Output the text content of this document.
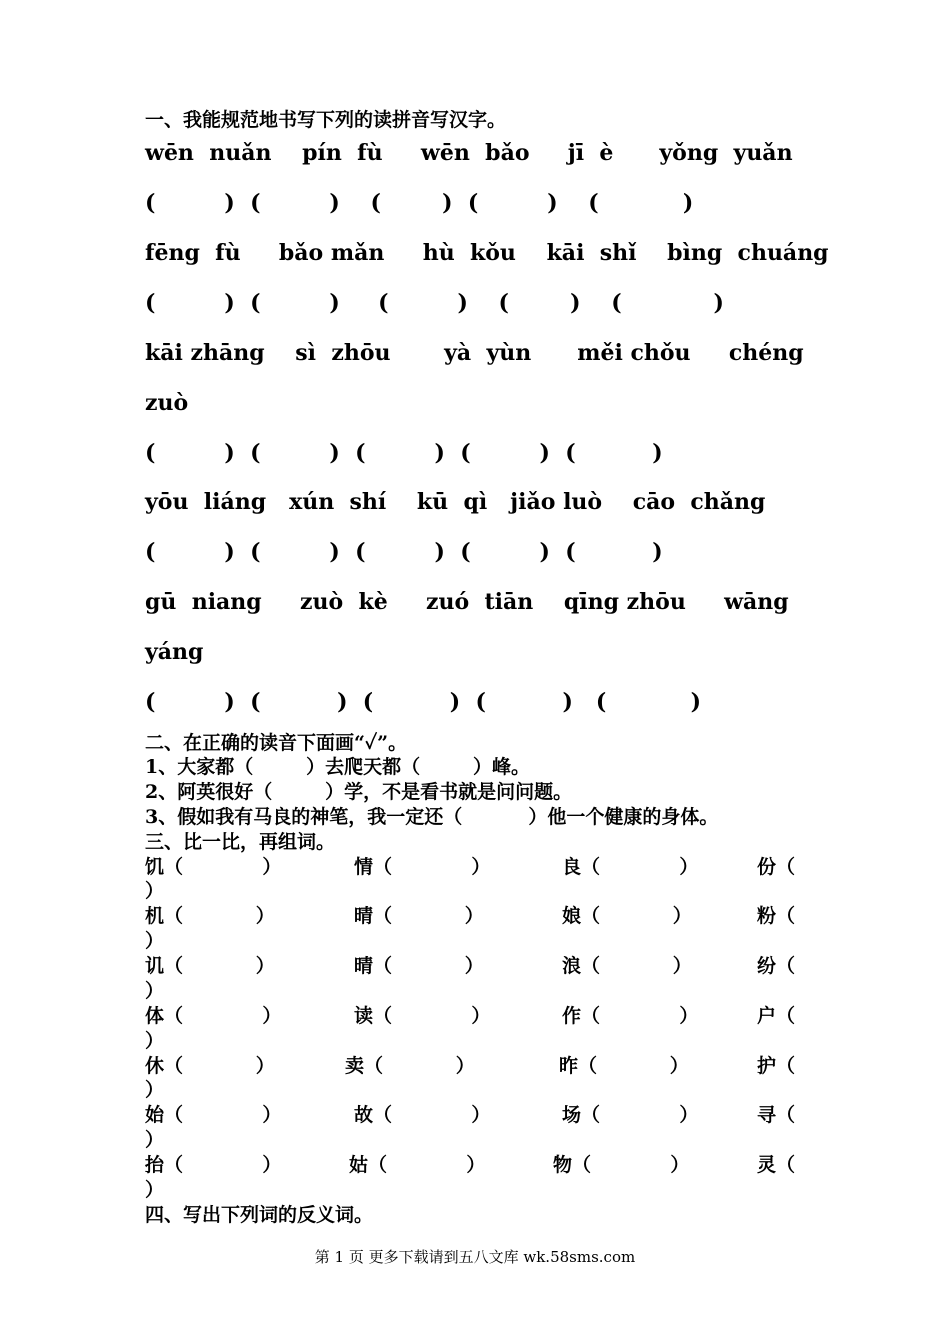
一、我能规范地书写下列的读拼音写汉字。
wēn  nuǎn    pín  fù     wēn  bǎo     jī  è      yǒng  yuǎn
(         )  (         )    (        )  (         )    (           )
fēng  fù     bǎo mǎn     hù  kǒu    kāi  shǐ    bìng  chuáng
(         )  (         )     (         )    (        )    (            )
kāi zhāng    sì  zhōu       yà  yùn      měi chǒu     chéng
zuò
(         )  (         )  (         )  (         )  (          )
yōu  liáng   xún  shí    kū  qì   jiǎo luò    cāo  chǎng
(         )  (         )  (         )  (         )  (          )
gū  niang     zuò  kè     zuó  tiān    qīng zhōu     wāng
yáng
(         )  (          )  (          )  (          )   (           )
二、在正确的读音下面画“✓”。
1、大家都（        ）去爬天都（        ）峰。
2、阿英很好（        ）学，不是看书就是问问题。
3、假如我有马良的神笔，我一定还（          ）他一个健康的身体。
三、比一比，再组词。
饥（            ）	情（            ）	良（            ）	份（
）
机（           ）	晴（           ）	娘（           ）	粉（
）
讥（           ）	晴（           ）	浪（           ）	纷（
）
体（            ）	读（            ）	作（            ）	户（
）
休（           ）	卖（           ）	昨（           ）	护（
）
始（            ）	故（            ）	场（            ）	寻（
）
抬（            ）	姑（            ）	物（            ）	灵（
）
四、写出下列词的反义词。
第 1 页 更多下载请到五八文库 wk.58sms.com
